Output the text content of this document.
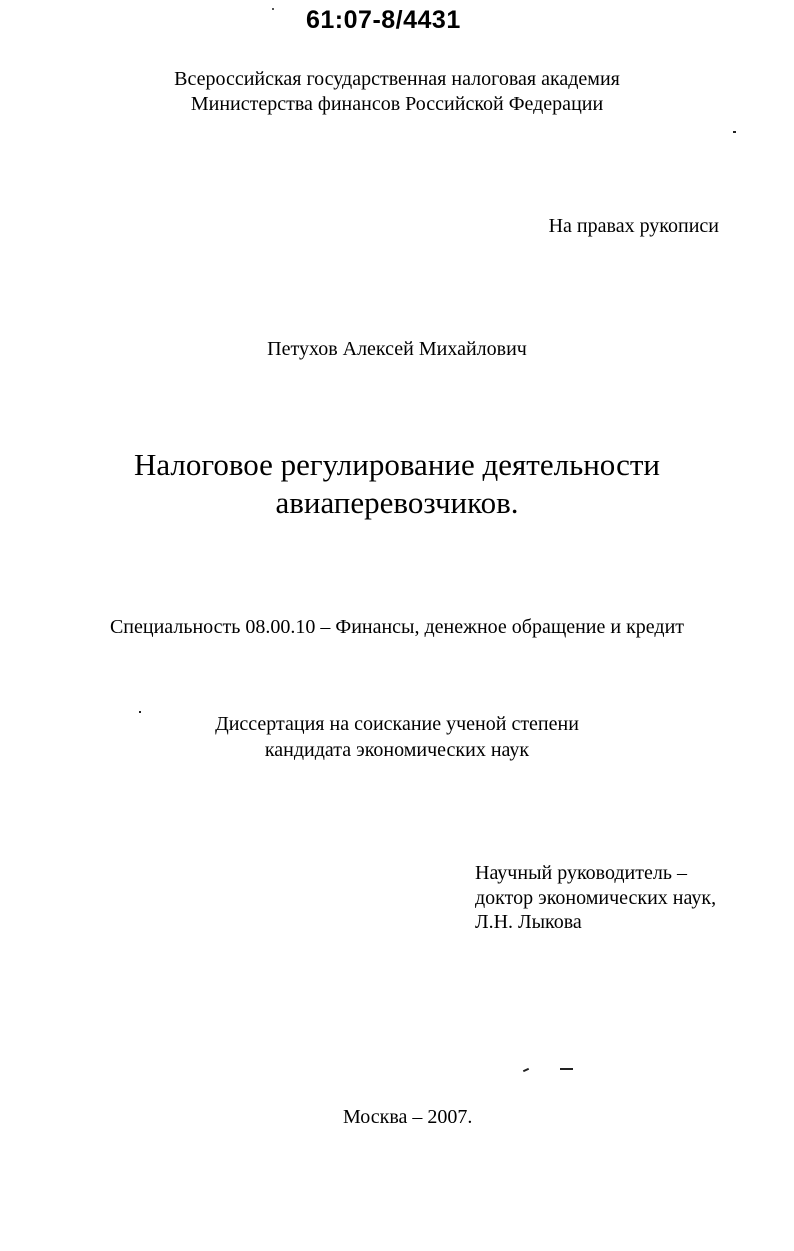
61:07-8/4431
Всероссийская государственная налоговая академия
Министерства финансов Российской Федерации
На правах рукописи
Петухов Алексей Михайлович
Налоговое регулирование деятельности
авиаперевозчиков.
Специальность 08.00.10 – Финансы, денежное обращение и кредит
Диссертация на соискание ученой степени
кандидата экономических наук
Научный руководитель –
доктор экономических наук,
Л.Н. Лыкова
Москва – 2007.
